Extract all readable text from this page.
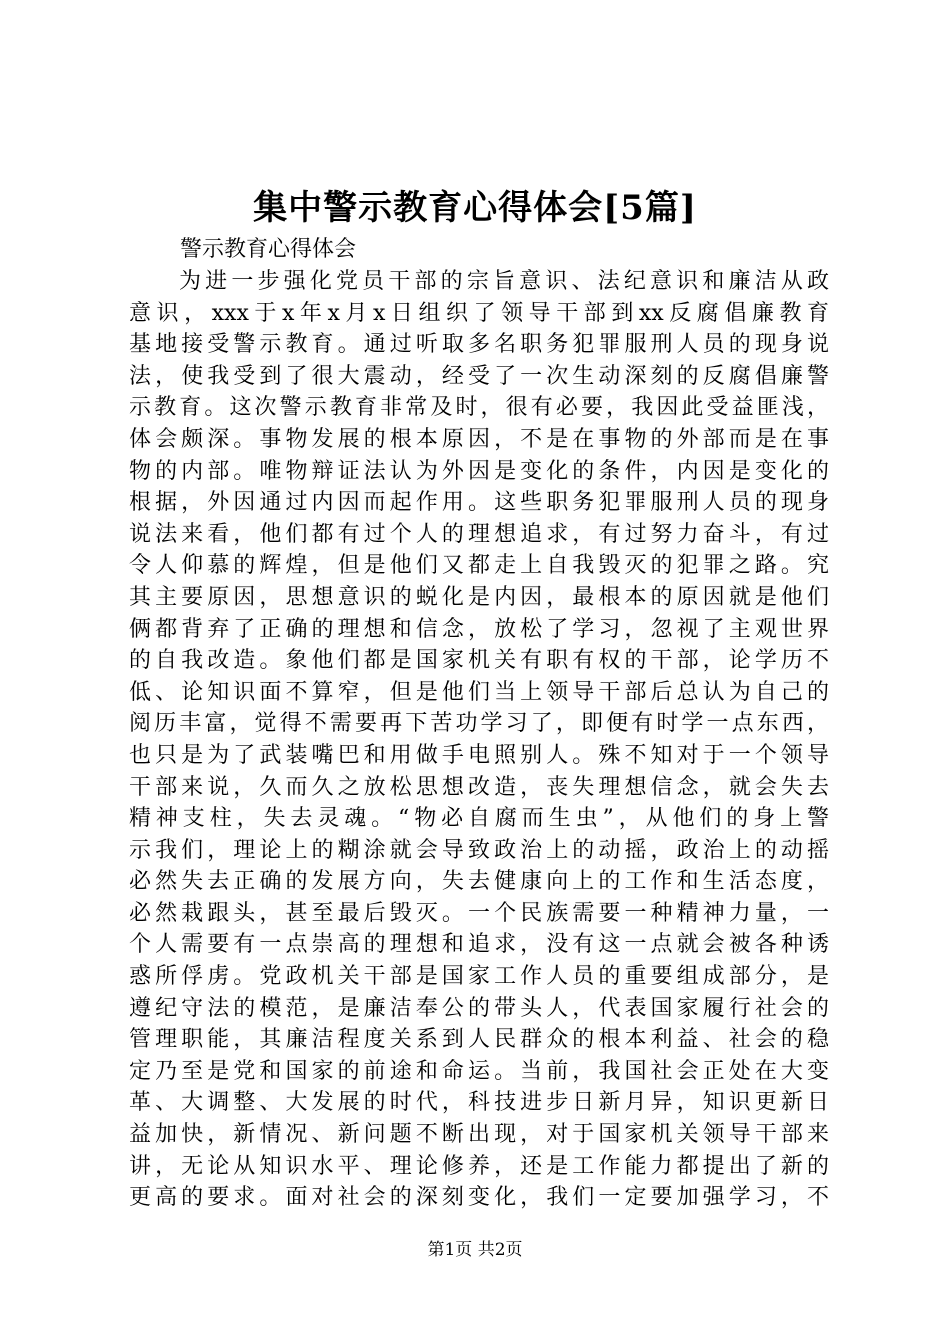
集中警示教育心得体会[5篇]

警示教育心得体会

为进一步强化党员干部的宗旨意识、法纪意识和廉洁从政
意识，xxx于x年x月x日组织了领导干部到xx反腐倡廉教育
基地接受警示教育。通过听取多名职务犯罪服刑人员的现身说
法，使我受到了很大震动，经受了一次生动深刻的反腐倡廉警
示教育。这次警示教育非常及时，很有必要，我因此受益匪浅，
体会颇深。事物发展的根本原因，不是在事物的外部而是在事
物的内部。唯物辩证法认为外因是变化的条件，内因是变化的
根据，外因通过内因而起作用。这些职务犯罪服刑人员的现身
说法来看，他们都有过个人的理想追求，有过努力奋斗，有过
令人仰慕的辉煌，但是他们又都走上自我毁灭的犯罪之路。究
其主要原因，思想意识的蜕化是内因，最根本的原因就是他们
俩都背弃了正确的理想和信念，放松了学习，忽视了主观世界
的自我改造。象他们都是国家机关有职有权的干部，论学历不
低、论知识面不算窄，但是他们当上领导干部后总认为自己的
阅历丰富，觉得不需要再下苦功学习了，即便有时学一点东西，
也只是为了武装嘴巴和用做手电照别人。殊不知对于一个领导
干部来说，久而久之放松思想改造，丧失理想信念，就会失去
精神支柱，失去灵魂。“物必自腐而生虫”，从他们的身上警
示我们，理论上的糊涂就会导致政治上的动摇，政治上的动摇
必然失去正确的发展方向，失去健康向上的工作和生活态度，
必然栽跟头，甚至最后毁灭。一个民族需要一种精神力量，一
个人需要有一点崇高的理想和追求，没有这一点就会被各种诱
惑所俘虏。党政机关干部是国家工作人员的重要组成部分，是
遵纪守法的模范，是廉洁奉公的带头人，代表国家履行社会的
管理职能，其廉洁程度关系到人民群众的根本利益、社会的稳
定乃至是党和国家的前途和命运。当前，我国社会正处在大变
革、大调整、大发展的时代，科技进步日新月异，知识更新日
益加快，新情况、新问题不断出现，对于国家机关领导干部来
讲，无论从知识水平、理论修养，还是工作能力都提出了新的
更高的要求。面对社会的深刻变化，我们一定要加强学习，不

第1页 共2页
